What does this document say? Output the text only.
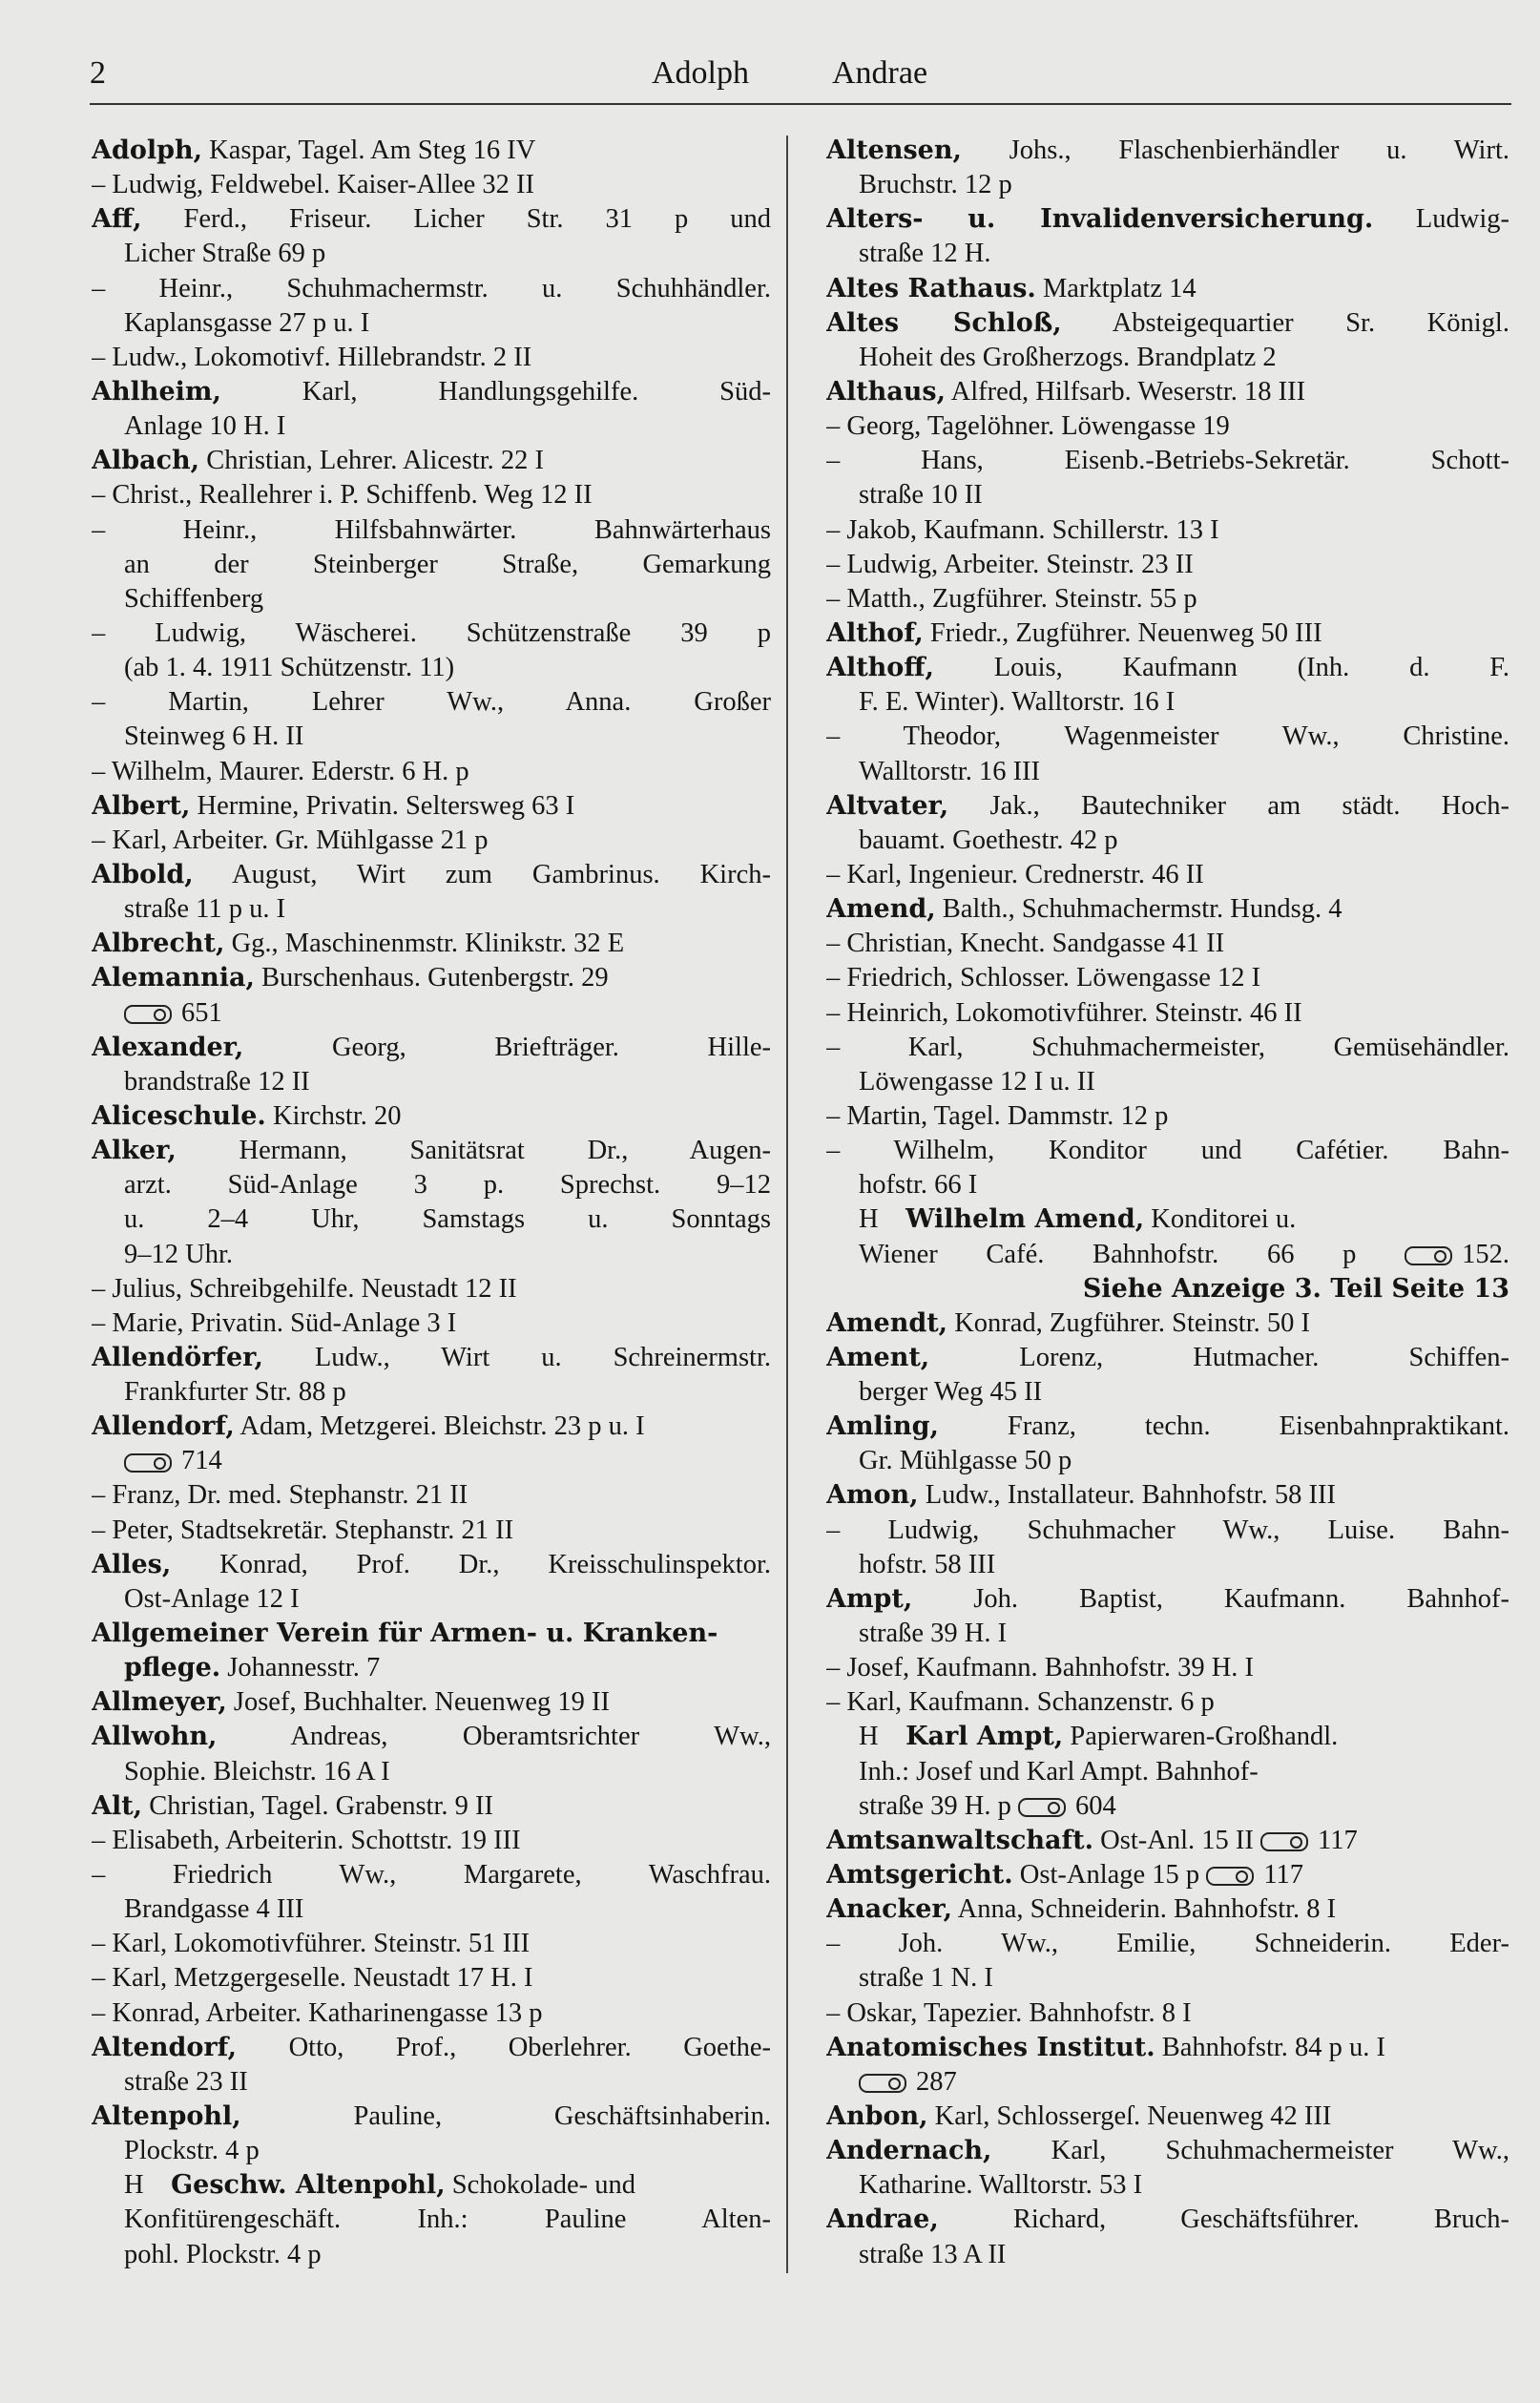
2	Adolph	Andrae
Adolph, Kaspar, Tagel. Am Steg 16 IV
– Ludwig, Feldwebel. Kaiser-Allee 32 II
Aff, Ferd., Friseur. Licher Str. 31 p und
Licher Straße 69 p
– Heinr., Schuhmachermstr. u. Schuhhändler.
Kaplansgasse 27 p u. I
– Ludw., Lokomotivf. Hillebrandstr. 2 II
Ahlheim,	Karl, Handlungsgehilfe. Süd-
Anlage 10 H. I
Albach, Christian, Lehrer. Alicestr. 22 I
– Christ., Reallehrer i. P. Schiffenb. Weg 12 II
– Heinr., Hilfsbahnwärter. Bahnwärterhaus
an der Steinberger Straße, Gemarkung
Schiffenberg
– Ludwig, Wäscherei. Schützenstraße 39 p
(ab 1. 4. 1911 Schützenstr. 11)
– Martin, Lehrer Ww., Anna. Großer
Steinweg 6 H. II
– Wilhelm, Maurer. Ederstr. 6 H. p
Albert, Hermine, Privatin. Seltersweg 63 I
– Karl, Arbeiter. Gr. Mühlgasse 21 p
Albold, August, Wirt zum Gambrinus. Kirch-
straße 11 p u. I
Albrecht, Gg., Maschinenmstr. Klinikstr. 32 E
Alemannia, Burschenhaus. Gutenbergstr. 29
651
Alexander,	Georg, Briefträger. Hille-
brandstraße 12 II
Aliceschule. Kirchstr. 20
Alker, Hermann, Sanitätsrat Dr., Augen-
arzt. Süd-Anlage 3 p. Sprechst. 9–12
u. 2–4 Uhr, Samstags u. Sonntags
9–12 Uhr.
– Julius, Schreibgehilfe. Neustadt 12 II
– Marie, Privatin. Süd-Anlage 3 I
Allendörfer, Ludw., Wirt u. Schreinermstr.
Frankfurter Str. 88 p
Allendorf, Adam, Metzgerei. Bleichstr. 23 p u. I
714
– Franz, Dr. med. Stephanstr. 21 II
– Peter, Stadtsekretär. Stephanstr. 21 II
Alles, Konrad, Prof. Dr., Kreisschulinspektor.
Ost-Anlage 12 I
Allgemeiner Verein für Armen- u. Kranken-
pflege. Johannesstr. 7
Allmeyer, Josef, Buchhalter. Neuenweg 19 II
Allwohn,	Andreas, Oberamtsrichter Ww.,
Sophie. Bleichstr. 16 A I
Alt, Christian, Tagel. Grabenstr. 9 II
– Elisabeth, Arbeiterin. Schottstr. 19 III
– Friedrich Ww., Margarete, Waschfrau.
Brandgasse 4 III
– Karl, Lokomotivführer. Steinstr. 51 III
– Karl, Metzgergeselle. Neustadt 17 H. I
– Konrad, Arbeiter. Katharinengasse 13 p
Altendorf, Otto, Prof., Oberlehrer. Goethe-
straße 23 II
Altenpohl,	Pauline, Geschäftsinhaberin.
Plockstr. 4 p
H  Geschw. Altenpohl, Schokolade- und
Konfitürengeschäft. Inh.: Pauline Alten-
pohl. Plockstr. 4 p
Altensen, Johs., Flaschenbierhändler u. Wirt.
Bruchstr. 12 p
Alters- u. Invalidenversicherung. Ludwig-
straße 12 H.
Altes Rathaus. Marktplatz 14
Altes Schloß, Absteigequartier Sr. Königl.
Hoheit des Großherzogs. Brandplatz 2
Althaus, Alfred, Hilfsarb. Weserstr. 18 III
– Georg, Tagelöhner. Löwengasse 19
– Hans, Eisenb.-Betriebs-Sekretär. Schott-
straße 10 II
– Jakob, Kaufmann. Schillerstr. 13 I
– Ludwig, Arbeiter. Steinstr. 23 II
– Matth., Zugführer. Steinstr. 55 p
Althof, Friedr., Zugführer. Neuenweg 50 III
Althoff, Louis, Kaufmann (Inh. d. F.
F. E. Winter). Walltorstr. 16 I
– Theodor, Wagenmeister Ww., Christine.
Walltorstr. 16 III
Altvater, Jak., Bautechniker am städt. Hoch-
bauamt. Goethestr. 42 p
– Karl, Ingenieur. Crednerstr. 46 II
Amend, Balth., Schuhmachermstr. Hundsg. 4
– Christian, Knecht. Sandgasse 41 II
– Friedrich, Schlosser. Löwengasse 12 I
– Heinrich, Lokomotivführer. Steinstr. 46 II
– Karl, Schuhmachermeister, Gemüsehändler.
Löwengasse 12 I u. II
– Martin, Tagel. Dammstr. 12 p
– Wilhelm, Konditor und Cafétier. Bahn-
hofstr. 66 I
H  Wilhelm Amend, Konditorei u.
Wiener Café. Bahnhofstr. 66 p	152.
Siehe Anzeige 3. Teil Seite 13
Amendt, Konrad, Zugführer. Steinstr. 50 I
Ament,	Lorenz, Hutmacher. Schiffen-
berger Weg 45 II
Amling,	Franz, techn. Eisenbahnpraktikant.
Gr. Mühlgasse 50 p
Amon, Ludw., Installateur. Bahnhofstr. 58 III
– Ludwig, Schuhmacher Ww., Luise. Bahn-
hofstr. 58 III
Ampt, Joh. Baptist, Kaufmann. Bahnhof-
straße 39 H. I
– Josef, Kaufmann. Bahnhofstr. 39 H. I
– Karl, Kaufmann. Schanzenstr. 6 p
H  Karl Ampt, Papierwaren-Großhandl.
Inh.: Josef und Karl Ampt. Bahnhof-
straße 39 H. p 604
Amtsanwaltschaft. Ost-Anl. 15 II 117
Amtsgericht. Ost-Anlage 15 p 117
Anacker, Anna, Schneiderin. Bahnhofstr. 8 I
– Joh. Ww., Emilie, Schneiderin. Eder-
straße 1 N. I
– Oskar, Tapezier. Bahnhofstr. 8 I
Anatomisches Institut. Bahnhofstr. 84 p u. I
287
Anbon, Karl, Schlossergeſ. Neuenweg 42 III
Andernach, Karl, Schuhmachermeister Ww.,
Katharine. Walltorstr. 53 I
Andrae,	Richard, Geschäftsführer. Bruch-
straße 13 A II
